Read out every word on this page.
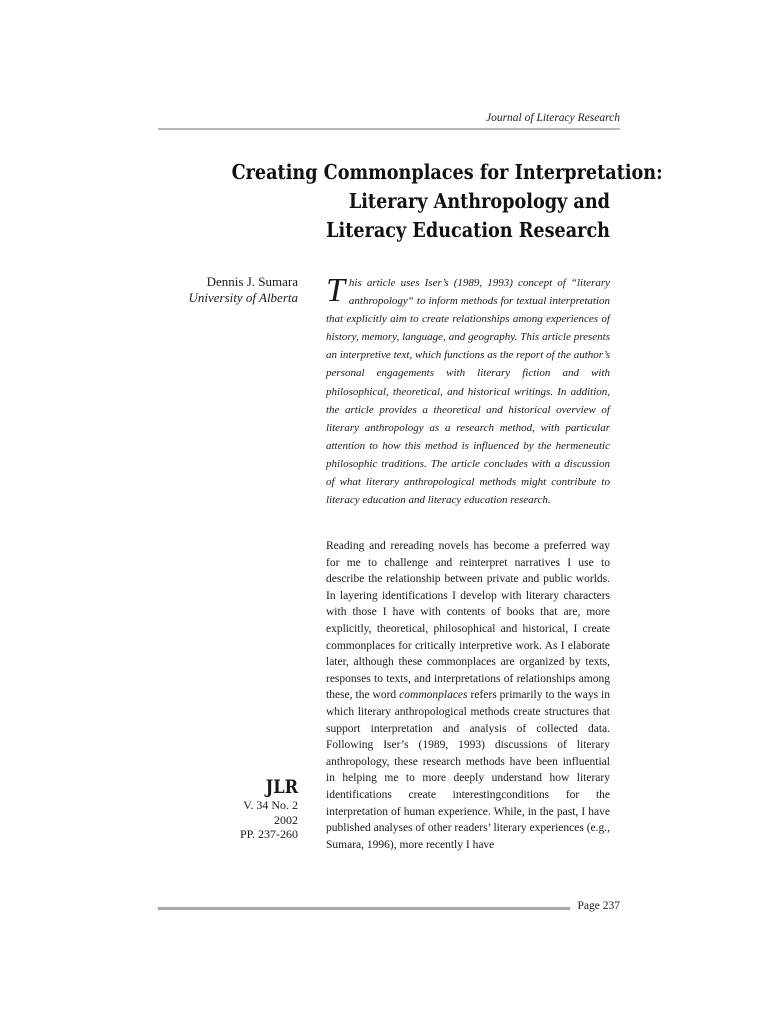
Journal of Literacy Research
Creating Commonplaces for Interpretation:
Literary Anthropology and
Literacy Education Research
Dennis J. Sumara
University of Alberta This article uses Iser’s (1989, 1993) concept of “literary anthropology“ to inform methods for textual interpretation that explicitly aim to create relationships among experiences of history, memory, language, and geography. This article presents an interpretive text, which functions as the report of the author’s personal engagements with literary fiction and with philosophical, theoretical, and historical writings. In addition, the article provides a theoretical and historical overview of literary anthropology as a research method, with particular attention to how this method is influenced by the hermeneutic philosophic traditions. The article concludes with a discussion of what literary anthropological methods might contribute to literacy education and literacy education research.

Reading and rereading novels has become a preferred way for me to challenge and reinterpret narratives I use to describe the relationship between private and public worlds. In layering identifications I develop with literary characters with those I have with contents of books that are, more explicitly, theoretical, philosophical and historical, I create commonplaces for critically interpretive work. As I elaborate later, although these commonplaces are organized by texts, responses to texts, and interpretations of relationships among these, the word commonplaces refers primarily to the ways in which literary anthropological methods create structures that support interpretation and analysis of collected data. Following Iser’s (1989, 1993) discussions of literary anthropology, these research methods have been influential in helping me to more deeply understand how literary identifications create interestingconditions for the interpretation of human experience. While, in the past, I have published analyses of other readers’ literary experiences (e.g., Sumara, 1996), more recently I have

JLR
V. 34 No. 2
2002
PP. 237-260
Page 237
